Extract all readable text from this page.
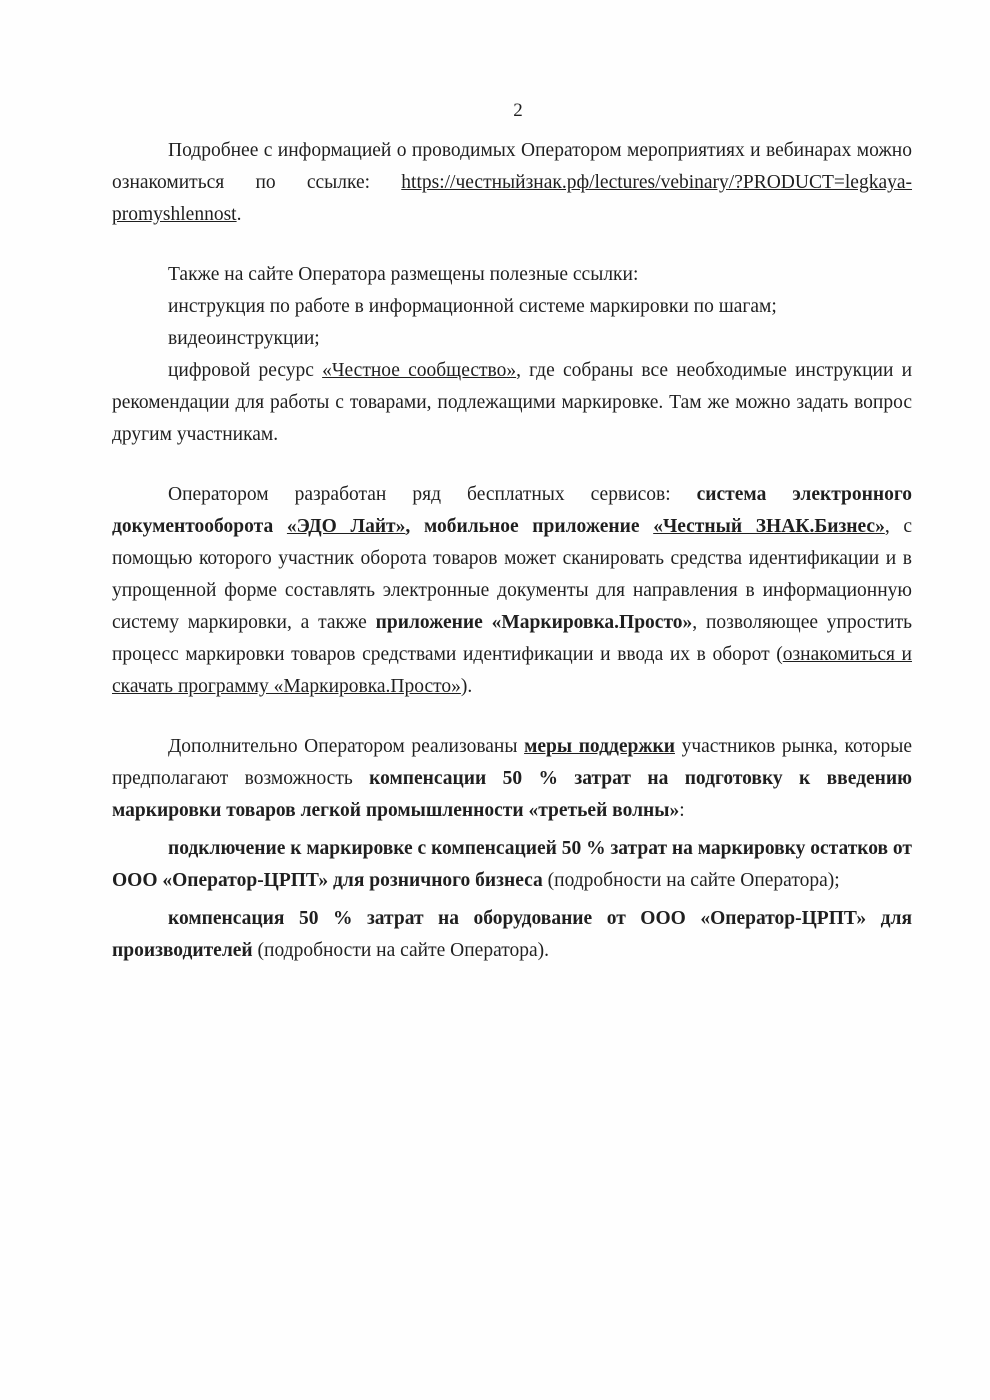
2

Подробнее с информацией о проводимых Оператором мероприятиях и вебинарах можно ознакомиться по ссылке: https://честныйзнак.рф/lectures/vebinary/?PRODUCT=legkaya-promyshlennost.

Также на сайте Оператора размещены полезные ссылки:

инструкция по работе в информационной системе маркировки по шагам;

видеоинструкции;

цифровой ресурс «Честное сообщество», где собраны все необходимые инструкции и рекомендации для работы с товарами, подлежащими маркировке. Там же можно задать вопрос другим участникам.

Оператором разработан ряд бесплатных сервисов: система электронного документооборота «ЭДО Лайт», мобильное приложение «Честный ЗНАК.Бизнес», с помощью которого участник оборота товаров может сканировать средства идентификации и в упрощенной форме составлять электронные документы для направления в информационную систему маркировки, а также приложение «Маркировка.Просто», позволяющее упростить процесс маркировки товаров средствами идентификации и ввода их в оборот (ознакомиться и скачать программу «Маркировка.Просто»).

Дополнительно Оператором реализованы меры поддержки участников рынка, которые предполагают возможность компенсации 50 % затрат на подготовку к введению маркировки товаров легкой промышленности «третьей волны»:

подключение к маркировке с компенсацией 50 % затрат на маркировку остатков от ООО «Оператор-ЦРПТ» для розничного бизнеса (подробности на сайте Оператора);

компенсация 50 % затрат на оборудование от ООО «Оператор-ЦРПТ» для производителей (подробности на сайте Оператора).
